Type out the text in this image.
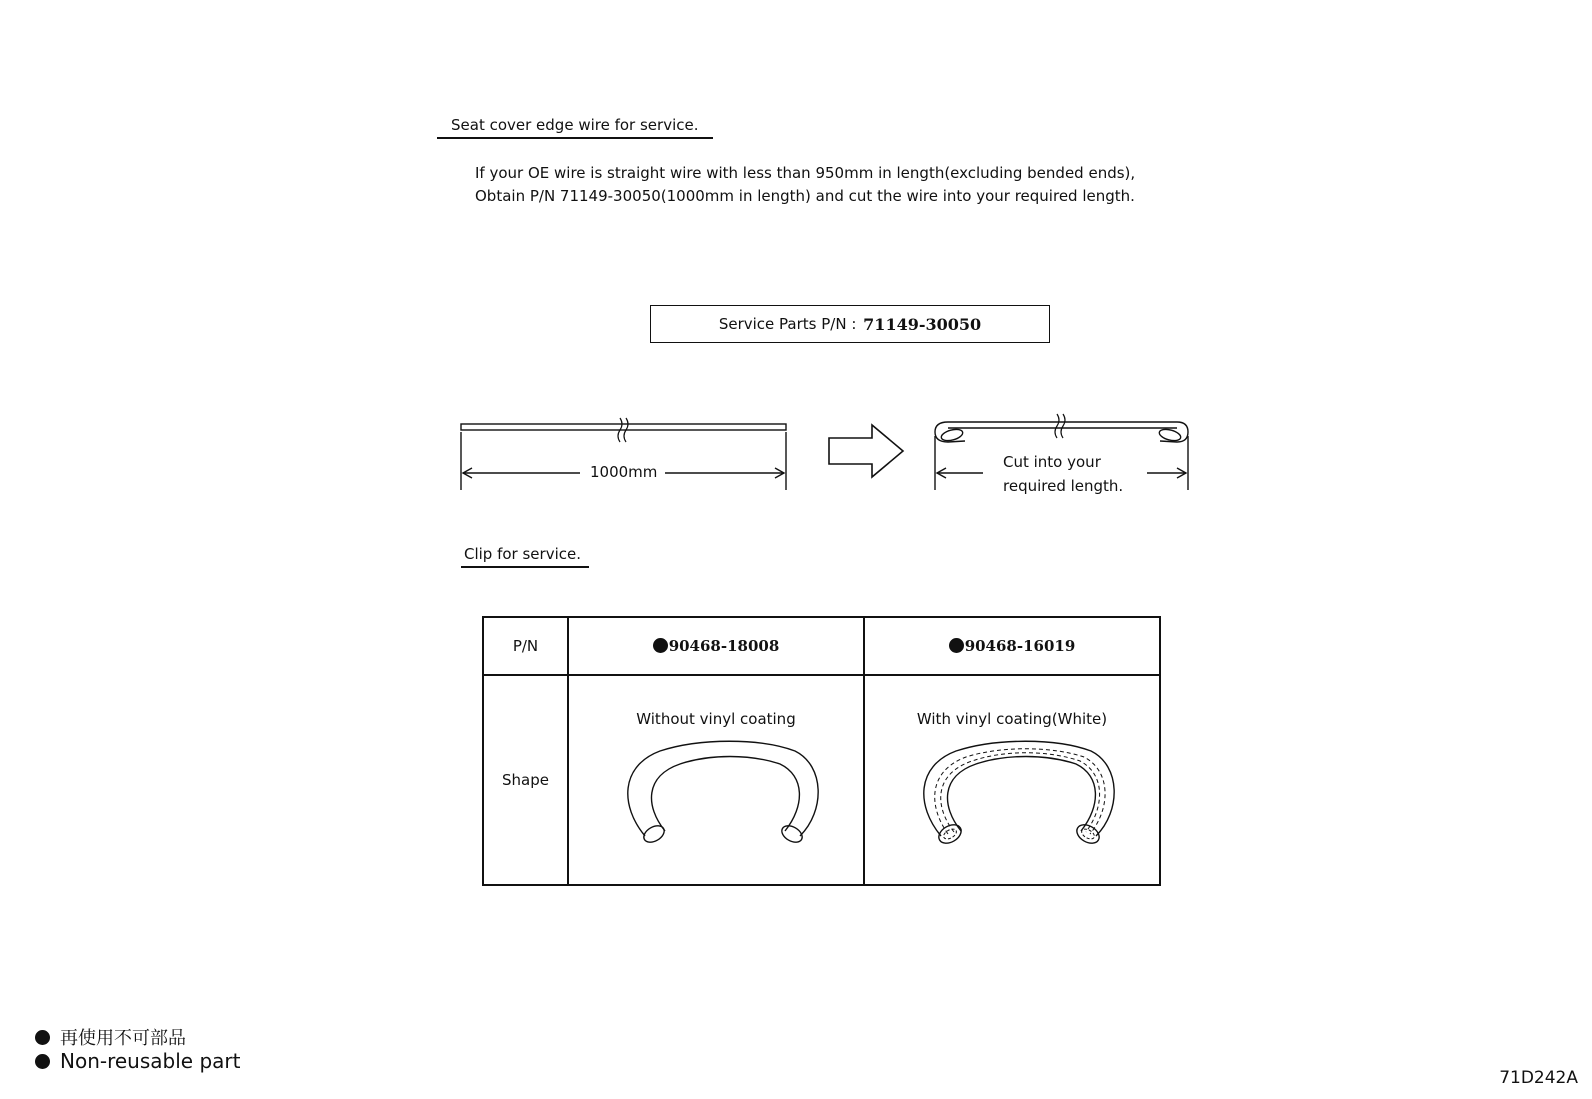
Seat cover edge wire for service.
If your OE wire is straight wire with less than 950mm in length(excluding bended ends),
Obtain P/N 71149-30050(1000mm in length) and cut the wire into your required length.
Service Parts P/N :
71149-30050
1000mm
Cut into your
required length.
Clip for service.
P/N	90468-18008	90468-16019
Shape	Without vinyl coating	With vinyl coating(White)
再使用不可部品
Non-reusable part
71D242A
